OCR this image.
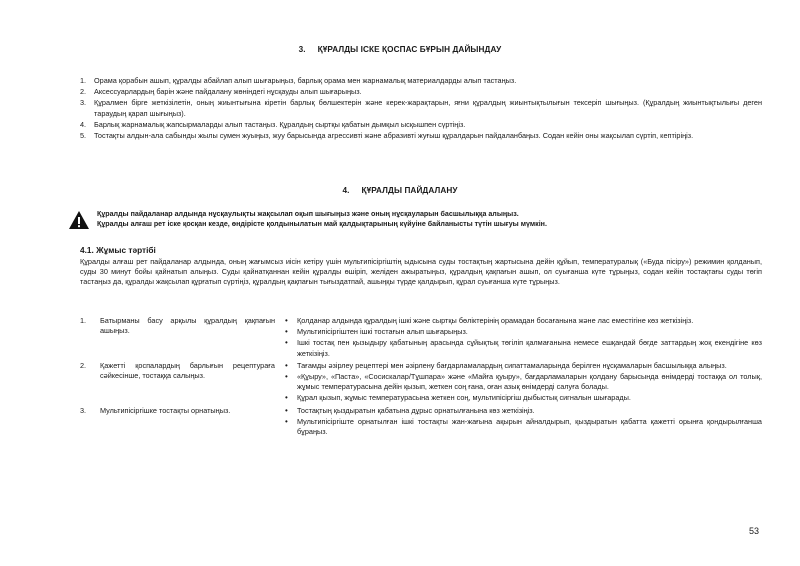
3. ҚҰРАЛДЫ ІСКЕ ҚОСПАС БҰРЫН ДАЙЫНДАУ
1. Орама қорабын ашып, құралды абайлап алып шығарыңыз, барлық орама мен жарнамалық материалдарды алып тастаңыз.
2. Аксессуарлардың барін және пайдалану жөніндегі нұсқауды алып шығарыңыз.
3. Құралмен бірге жеткізілетін, оның жиынтығына кіретін барлық бөлшектерін және керек-жарақтарын, яғни құралдың жиынтықтылығын тексеріп шығыңыз. (Құралдың жиынтықтылығы деген тараудың қарап шығыңыз).
4. Барлық жарнамалық жапсырмаларды алып тастаңыз. Құралдың сыртқы қабатын дымқыл ысқышпен сүртіңіз.
5. Тостақты алдын-ала сабынды жылы сумен жуыңыз, жуу барысында агрессивті және абразивті жуғыш құралдарын пайдаланбаңыз. Содан кейін оны жақсылап сүртіп, кептіріңіз.
4. ҚҰРАЛДЫ ПАЙДАЛАНУ
Құралды пайдаланар алдында нұсқаулықты жақсылап оқып шығыңыз және оның нұсқауларын басшылыққа алыңыз.
Құралды алғаш рет іске қосқан кезде, өндірісте қолдынылатын май қалдықтарының күйуіне байланысты түтін шығуы мүмкін.
4.1. Жұмыс тәртібі
Құралды алғаш рет пайдаланар алдында, оның жағымсыз иісін кетіру үшін мультипісіргіштің ыдысына суды тостақтың жартысына дейін құйып, температуралық («Буда пісіру») режимин қолданып, суды 30 минут бойы қайнатып алыңыз. Суды қайнатқаннан кейін құралды өшіріп, желіден ажыратыңыз, құралдың қақпағын ашып, ол суығанша күте тұрыңыз, содан кейін тостақтағы суды төгіп тастаңыз да, құралды жақсылап құрғатып сүртіңіз, құралдың қақпағын тығыздатпай, ашыңқы түрде қалдырып, құрал суығанша күте тұрыңыз.
1. Батырманы басу арқылы құралдың қақпағын ашыңыз.
• Қолданар алдында құралдың ішкі және сыртқы бөліктерінің орамадан босағанына және лас еместігіне көз жеткізіңіз.
• Мультипісіргіштен ішкі тостағын алып шығарыңыз.
• Ішкі тостақ пен қызыдыру қабатының арасында сұйықтық төгіліп қалмағанына немесе ешқандай бөгде заттардың жоқ екендігіне көз жеткізіңіз.
2. Қажетті қоспалардың барлығын рецептураға сәйкесінше, тостаққа салыңыз.
• Тағамды әзірлеу рецептері мен әзірлену бағдарламалардың сипаттамаларында берілген нұсқамаларын басшылыққа алыңыз.
• «Құыру», «Паста», «Сосискалар/Тұшпара» және «Майға қуыру», бағдарламаларын қолдану барысында өнімдерді тостаққа ол толық, жұмыс температурасына дейін қызып, жеткен соң ғана, оған азық өнімдерді салуға болады.
• Құрал қызып, жұмыс температурасына жеткен соң, мультипісіргіш дыбыстық сигналын шығарады.
3. Мультипісіргішке тостақты орнатыңыз.
•	Тостақтың қыздыратын қабатына дұрыс орнатылғанына көз жеткізіңіз.
• Мультипісіргіште орнатылған ішкі тостақты жан-жағына ақырын айналдырып, қыздыратын қабатта қажетті орынға қондырылғанша бұраңыз.
53
